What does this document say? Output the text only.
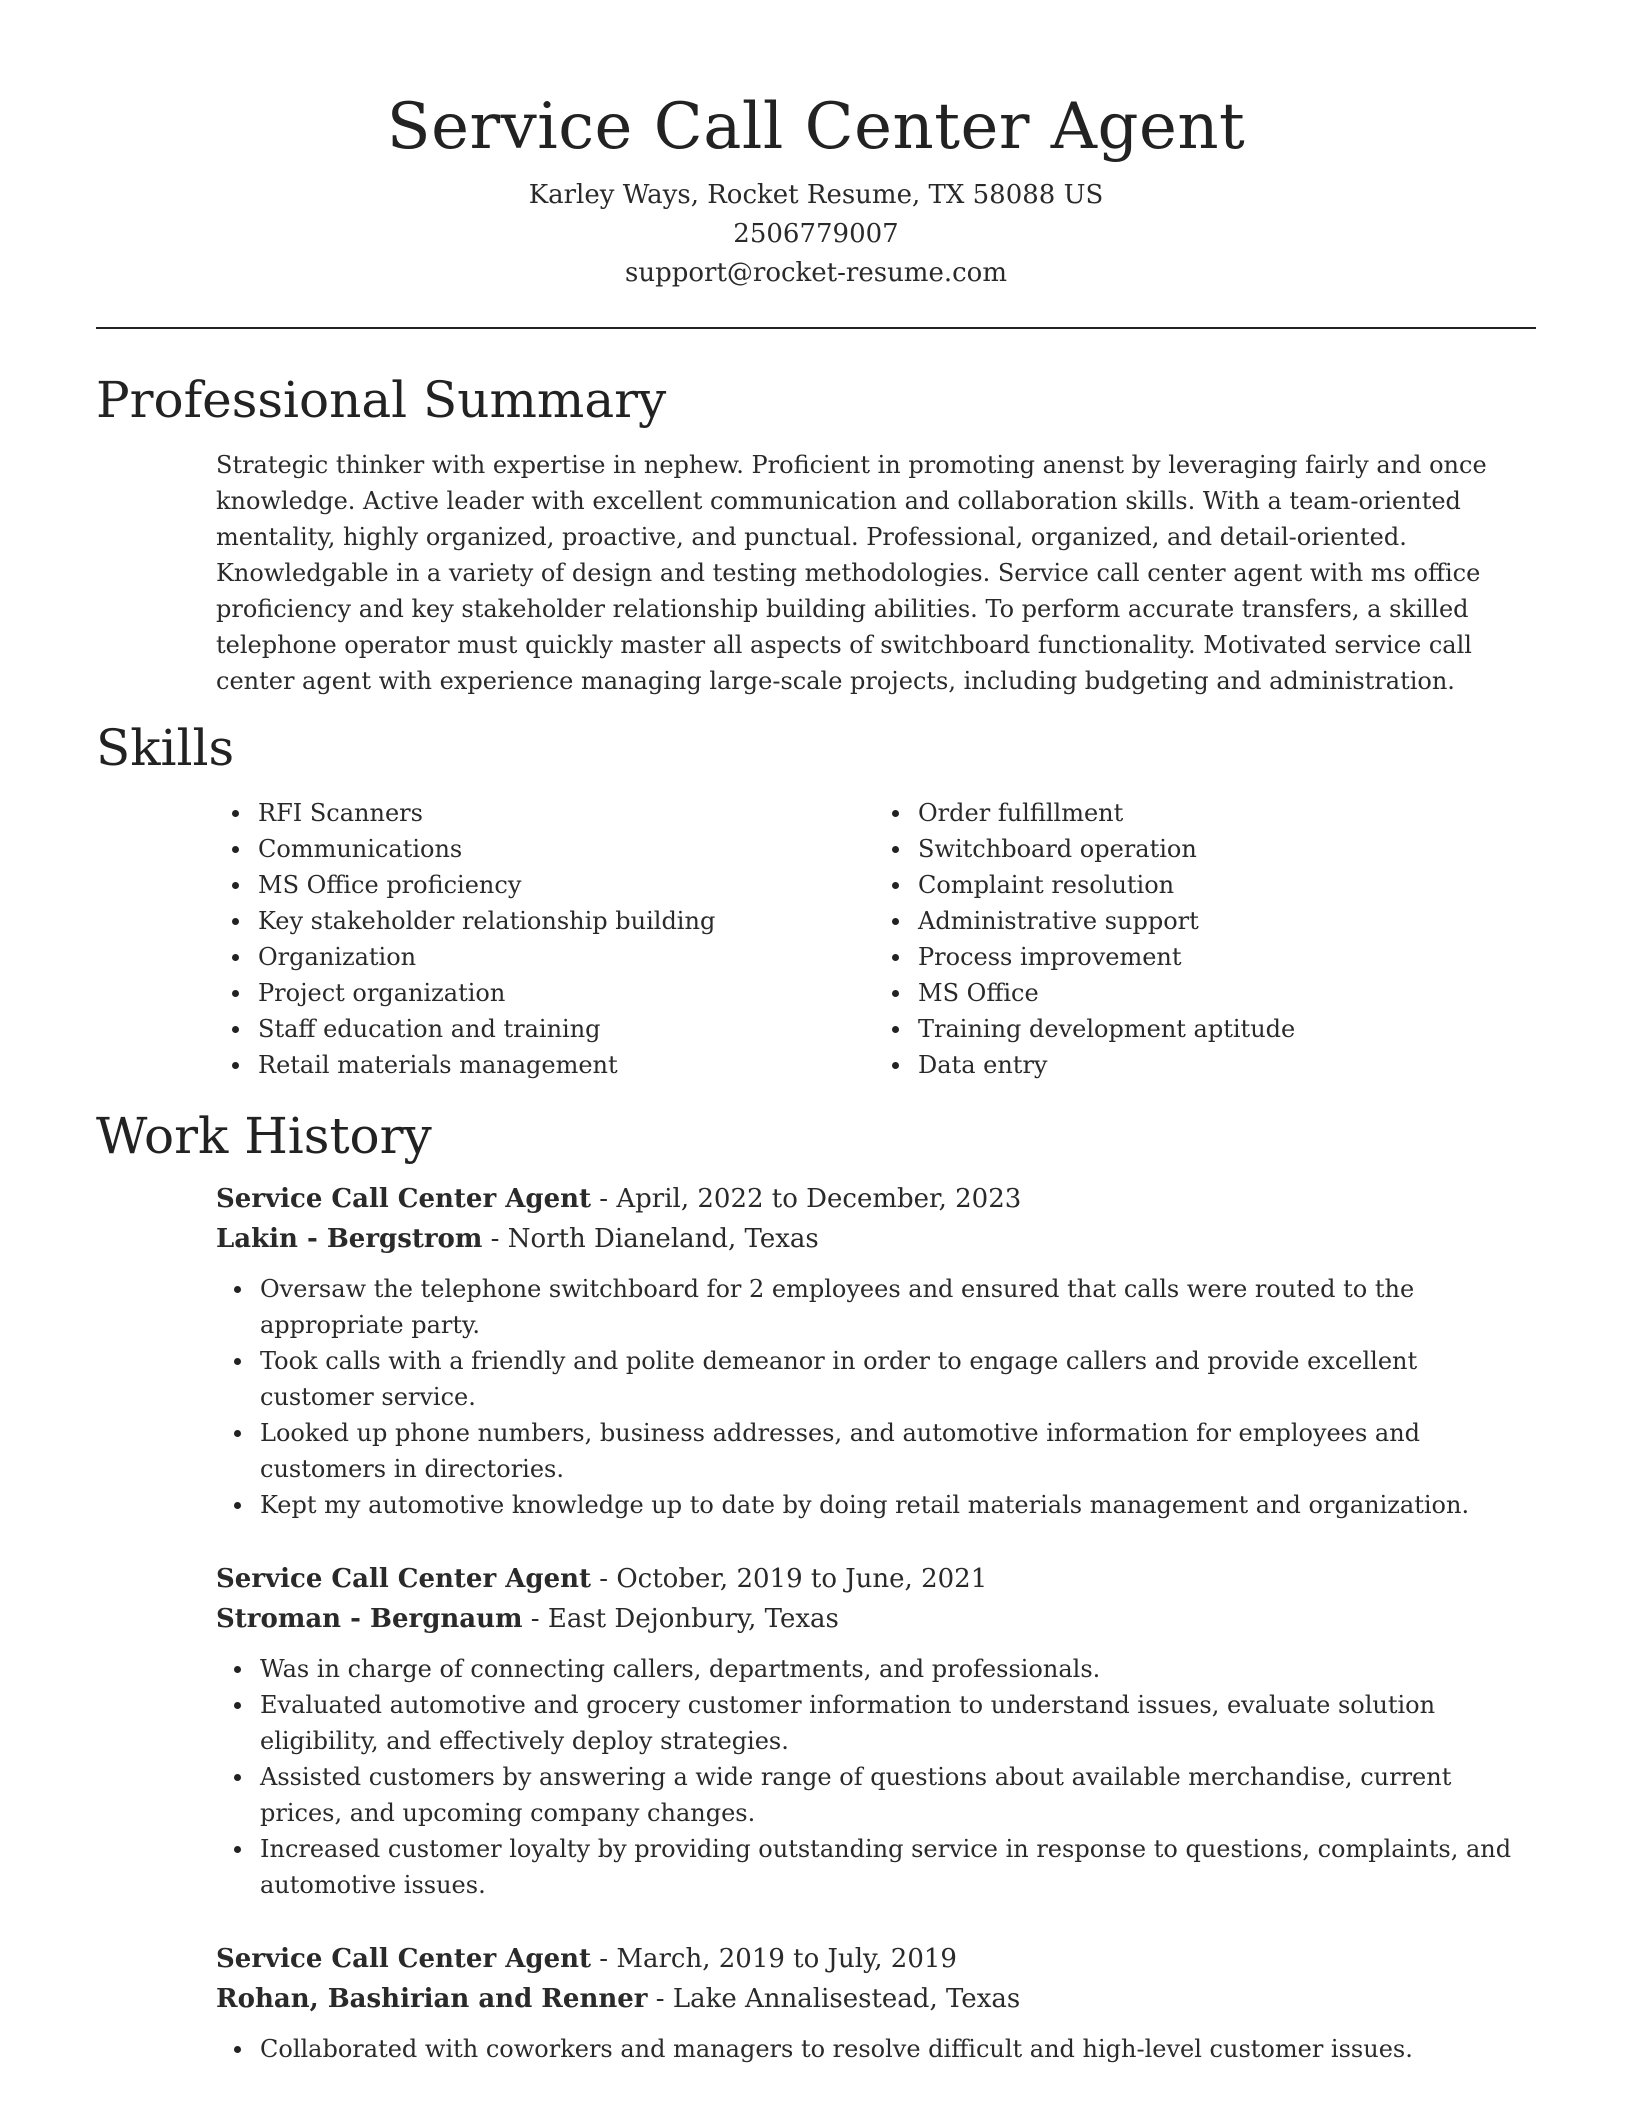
Service Call Center Agent

Karley Ways, Rocket Resume, TX 58088 US

2506779007

support@rocket-resume.com

Professional Summary

Strategic thinker with expertise in nephew. Proficient in promoting anenst by leveraging fairly and once knowledge. Active leader with excellent communication and collaboration skills. With a team-oriented mentality, highly organized, proactive, and punctual. Professional, organized, and detail-oriented. Knowledgable in a variety of design and testing methodologies. Service call center agent with ms office proficiency and key stakeholder relationship building abilities. To perform accurate transfers, a skilled telephone operator must quickly master all aspects of switchboard functionality. Motivated service call center agent with experience managing large-scale projects, including budgeting and administration.

Skills
RFI Scanners
Communications
MS Office proficiency
Key stakeholder relationship building
Organization
Project organization
Staff education and training
Retail materials management
Order fulfillment
Switchboard operation
Complaint resolution
Administrative support
Process improvement
MS Office
Training development aptitude
Data entry
Work History

Service Call Center Agent - April, 2022 to December, 2023

Lakin - Bergstrom - North Dianeland, Texas

Oversaw the telephone switchboard for 2 employees and ensured that calls were routed to the appropriate party.
Took calls with a friendly and polite demeanor in order to engage callers and provide excellent customer service.
Looked up phone numbers, business addresses, and automotive information for employees and customers in directories.
Kept my automotive knowledge up to date by doing retail materials management and organization.

Service Call Center Agent - October, 2019 to June, 2021

Stroman - Bergnaum - East Dejonbury, Texas

Was in charge of connecting callers, departments, and professionals.
Evaluated automotive and grocery customer information to understand issues, evaluate solution eligibility, and effectively deploy strategies.
Assisted customers by answering a wide range of questions about available merchandise, current prices, and upcoming company changes.
Increased customer loyalty by providing outstanding service in response to questions, complaints, and automotive issues.

Service Call Center Agent - March, 2019 to July, 2019

Rohan, Bashirian and Renner - Lake Annalisestead, Texas

Collaborated with coworkers and managers to resolve difficult and high-level customer issues.
